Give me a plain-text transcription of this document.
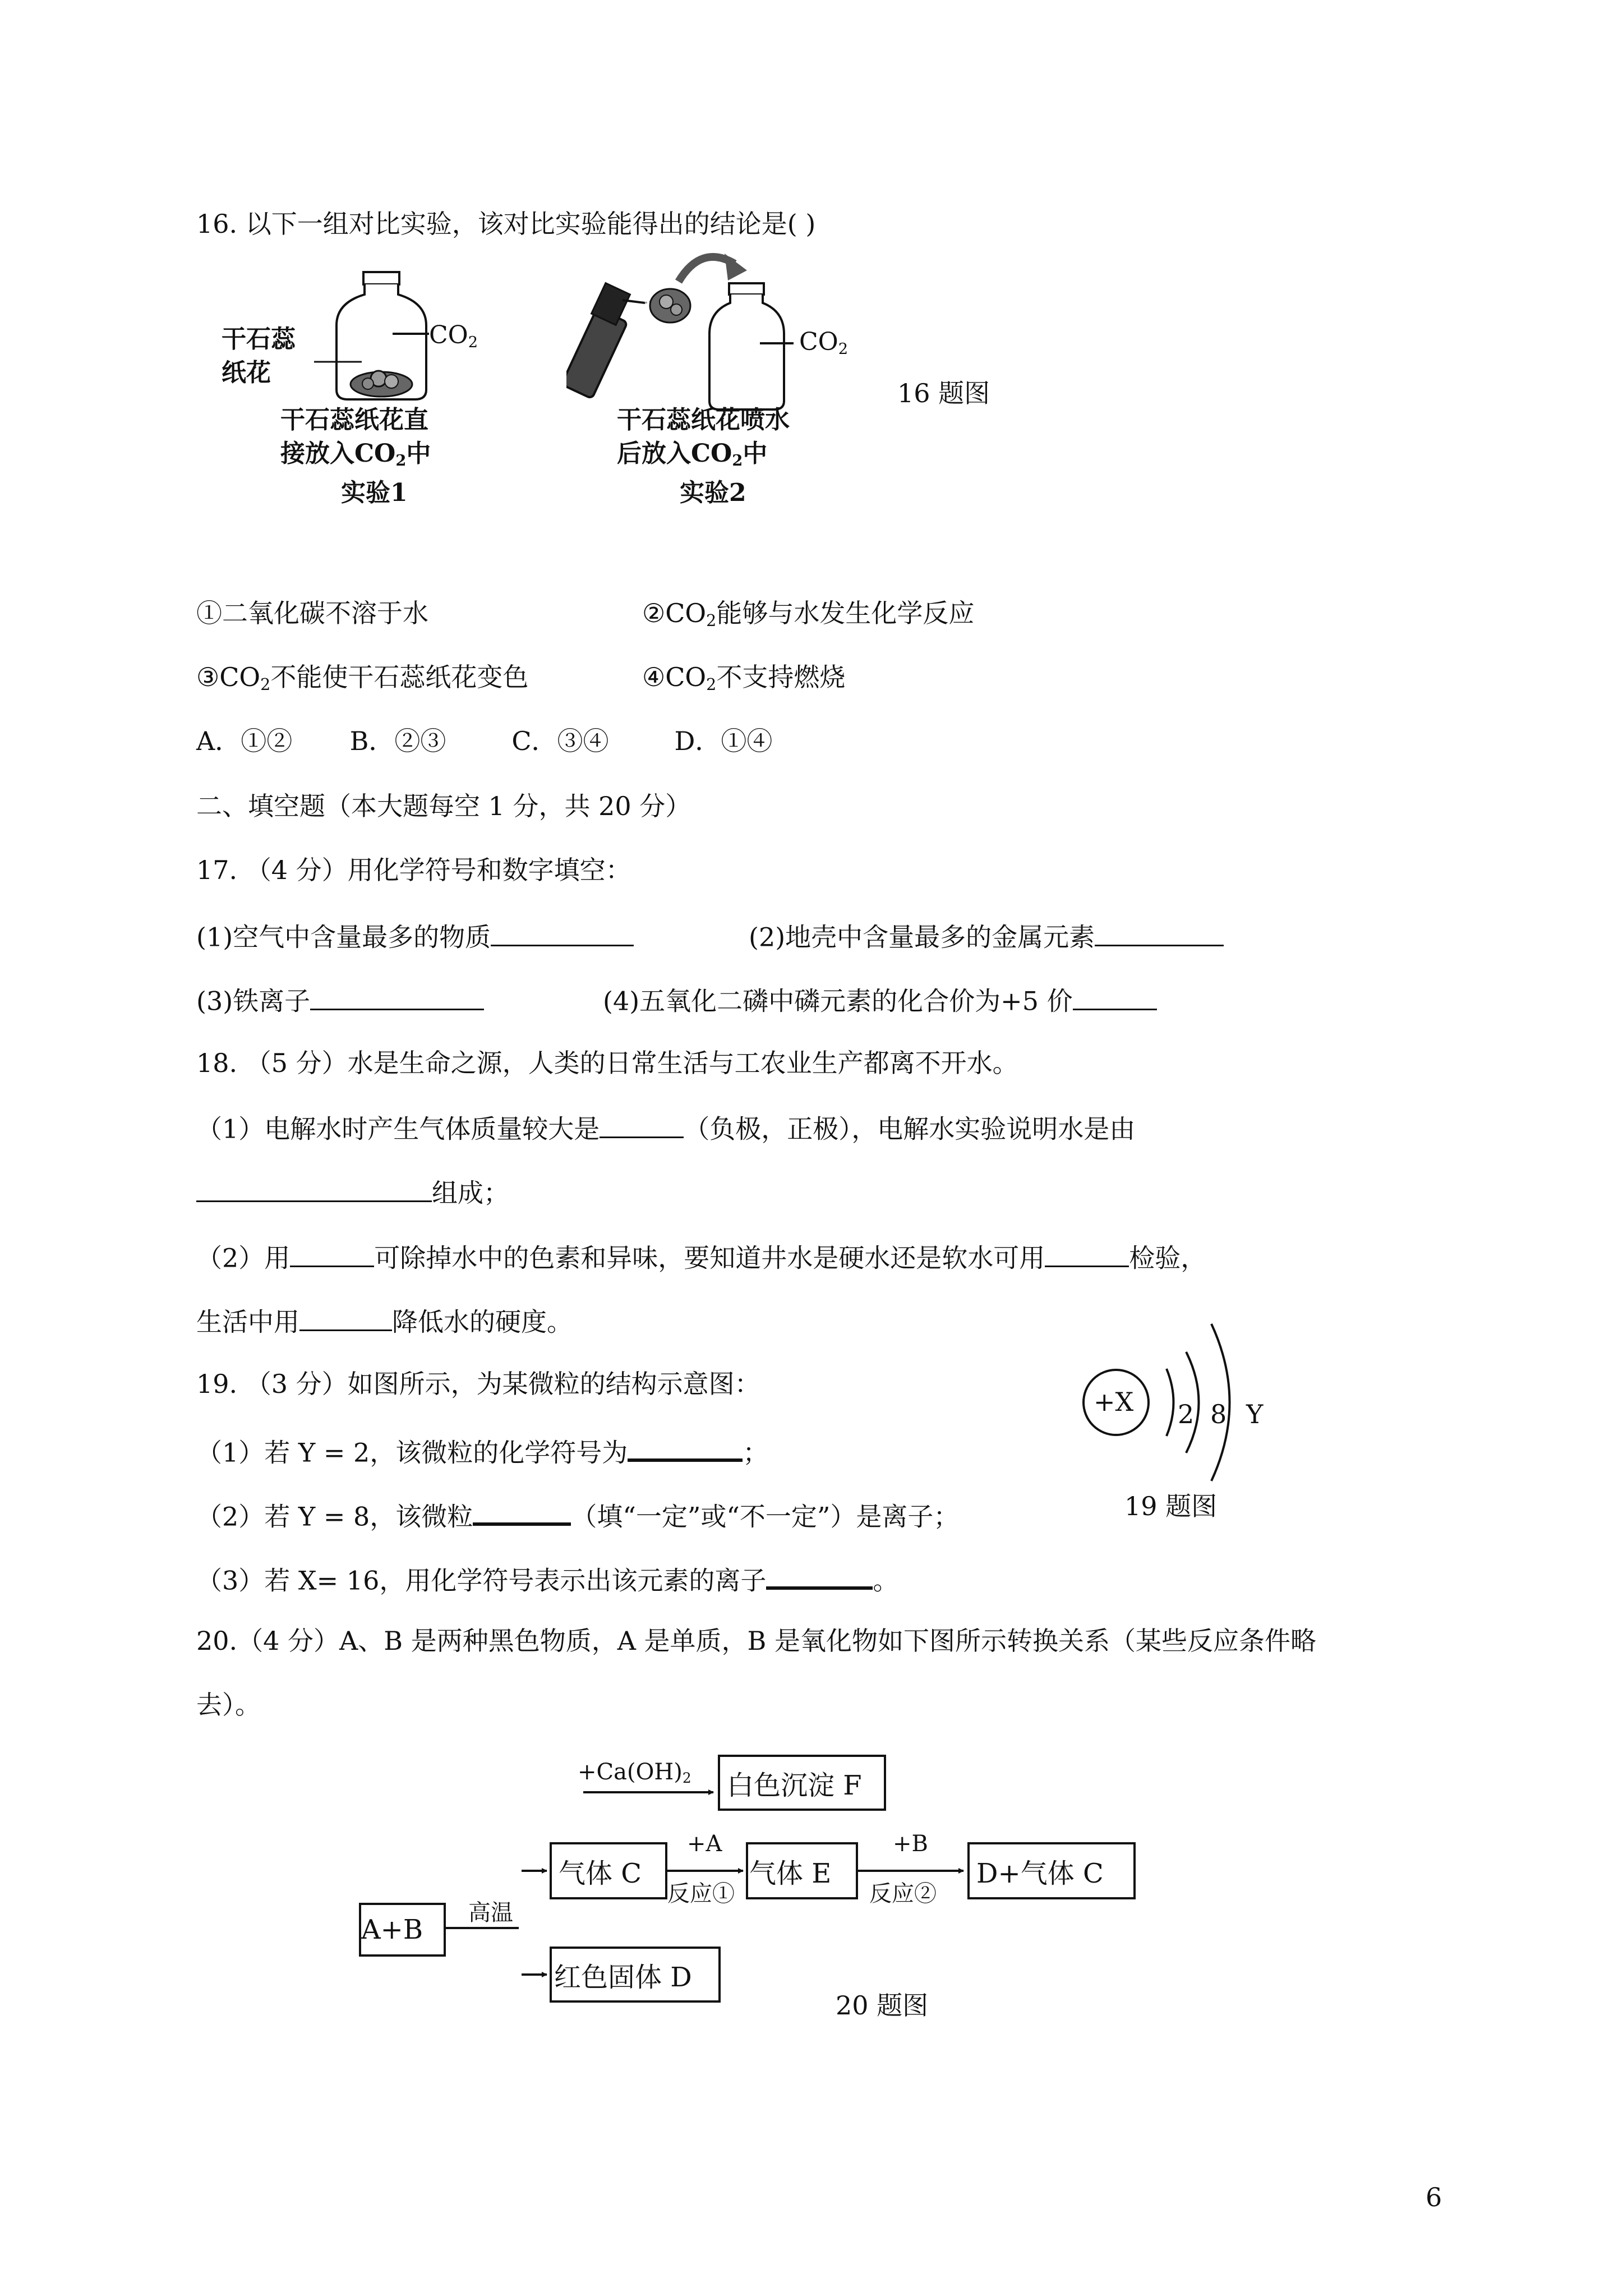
16. 以下一组对比实验，该对比实验能得出的结论是( )
干石蕊
纸花
CO2
干石蕊纸花直
接放入CO2中
实验1
CO2
干石蕊纸花喷水
后放入CO2中
实验2
16 题图
①二氧化碳不溶于水	②CO2能够与水发生化学反应
③CO2不能使干石蕊纸花变色	④CO2不支持燃烧
A．①②       B．②③        C．③④        D．①④
二、填空题（本大题每空 1 分，共 20 分）
17. （4 分）用化学符号和数字填空：
(1)空气中含量最多的物质	(2)地壳中含量最多的金属元素
(3)铁离子	(4)五氧化二磷中磷元素的化合价为+5 价
18. （5 分）水是生命之源，人类的日常生活与工农业生产都离不开水。
（1）电解水时产生气体质量较大是	（负极，正极），电解水实验说明水是由
组成；
（2）用	可除掉水中的色素和异味，要知道井水是硬水还是软水可用	检验，
生活中用	降低水的硬度。
19. （3 分）如图所示，为某微粒的结构示意图：
（1）若 Y = 2，该微粒的化学符号为	；
（2）若 Y = 8，该微粒	（填“一定”或“不一定”）是离子；
（3）若 X= 16，用化学符号表示出该元素的离子	。
+X 2 8 Y
19 题图
20.（4 分）A、B 是两种黑色物质，A 是单质，B 是氧化物如下图所示转换关系（某些反应条件略
去）。
+Ca(OH)2	白色沉淀 F
气体 C
+A
反应①
气体 E
+B
反应②
D+气体 C
A+B
高温
红色固体 D
20 题图
6
